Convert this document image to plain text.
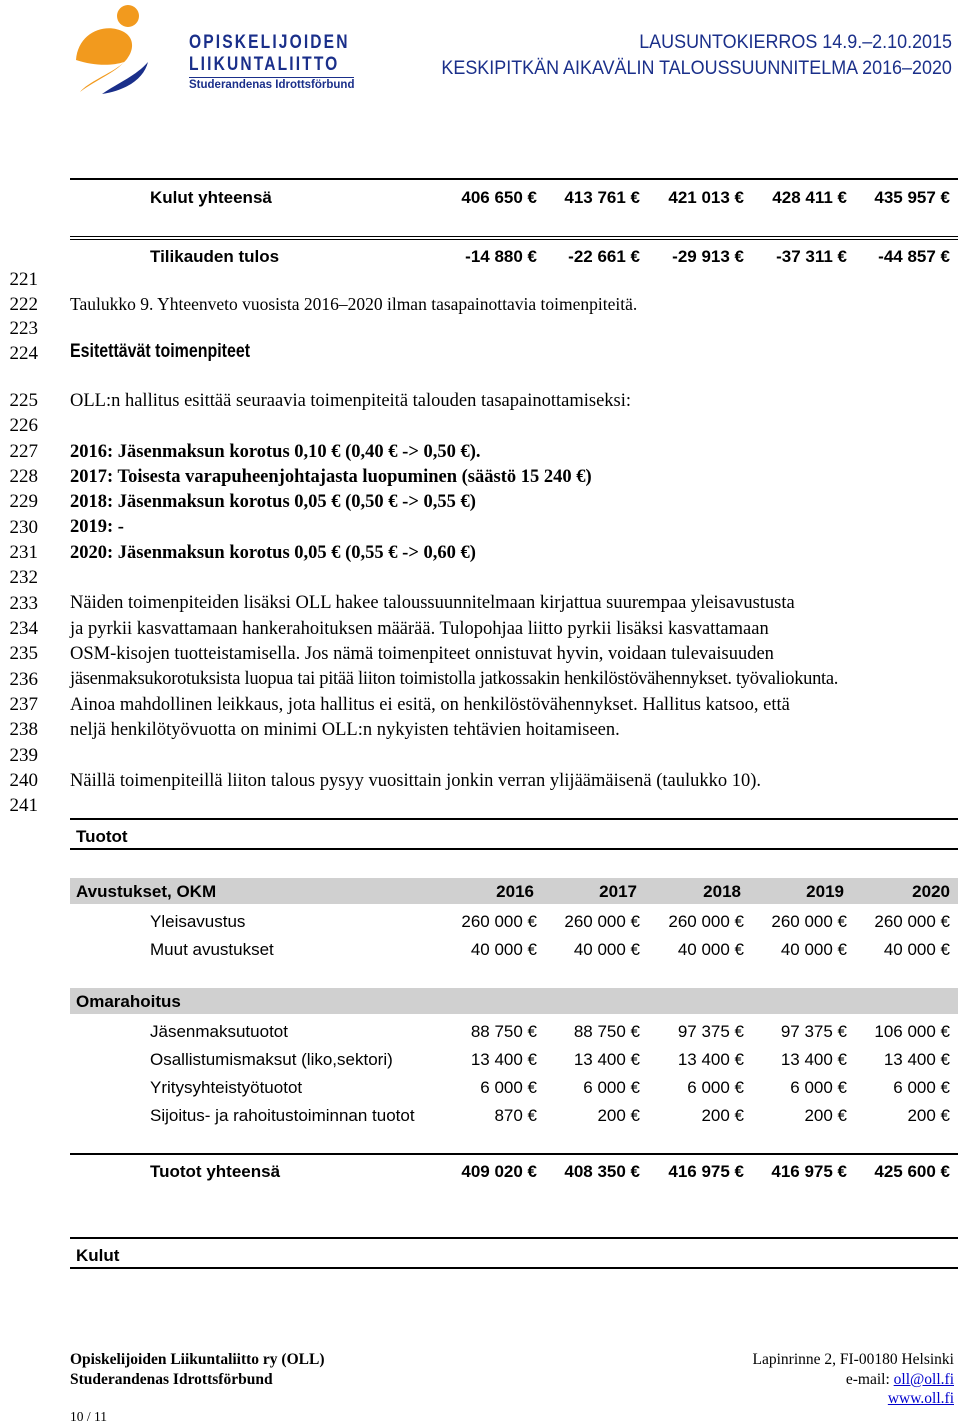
OPISKELIJOIDEN
LIIKUNTALIITTO
Studerandenas Idrottsförbund
LAUSUNTOKIERROS 14.9.–2.10.2015
KESKIPITKÄN AIKAVÄLIN TALOUSSUUNNITELMA 2016–2020
Kulut yhteensä	406 650 € 413 761 € 421 013 € 428 411 € 435 957 €
Tilikauden tulos	-14 880 € -22 661 € -29 913 € -37 311 € -44 857 €
221
222
223
224
225
226
227
228
229
230
231
232
233
234
235
236
237
238
239
240
241
Taulukko 9. Yhteenveto vuosista 2016–2020 ilman tasapainottavia toimenpiteitä.
Esitettävät toimenpiteet
OLL:n hallitus esittää seuraavia toimenpiteitä talouden tasapainottamiseksi:
2016: Jäsenmaksun korotus 0,10 € (0,40 € -> 0,50 €).
2017: Toisesta varapuheenjohtajasta luopuminen (säästö 15 240 €)
2018: Jäsenmaksun korotus 0,05 € (0,50 € -> 0,55 €)
2019: -
2020: Jäsenmaksun korotus 0,05 € (0,55 € -> 0,60 €)
Näiden toimenpiteiden lisäksi OLL hakee taloussuunnitelmaan kirjattua suurempaa yleisavustusta
ja pyrkii kasvattamaan hankerahoituksen määrää. Tulopohjaa liitto pyrkii lisäksi kasvattamaan
OSM-kisojen tuotteistamisella. Jos nämä toimenpiteet onnistuvat hyvin, voidaan tulevaisuuden
jäsenmaksukorotuksista luopua tai pitää liiton toimistolla jatkossakin henkilöstövähennykset. työvaliokunta.
Ainoa mahdollinen leikkaus, jota hallitus ei esitä, on henkilöstövähennykset. Hallitus katsoo, että
neljä henkilötyövuotta on minimi OLL:n nykyisten tehtävien hoitamiseen.
Näillä toimenpiteillä liiton talous pysyy vuosittain jonkin verran ylijäämäisenä (taulukko 10).
Tuotot
Avustukset, OKM	2016	2017	2018	2019	2020
Yleisavustus	260 000 € 260 000 € 260 000 € 260 000 € 260 000 €
Muut avustukset	40 000 € 40 000 € 40 000 € 40 000 € 40 000 €
Omarahoitus
Jäsenmaksutuotot	88 750 € 88 750 € 97 375 € 97 375 € 106 000 €
Osallistumismaksut (liko,sektori)	13 400 € 13 400 € 13 400 € 13 400 € 13 400 €
Yritysyhteistyötuotot	6 000 €	6 000 €	6 000 €	6 000 €	6 000 €
Sijoitus- ja rahoitustoiminnan tuotot	870 €	200 €	200 €	200 €	200 €
Tuotot yhteensä	409 020 € 408 350 € 416 975 € 416 975 € 425 600 €
Kulut
Opiskelijoiden Liikuntaliitto ry (OLL)
Studerandenas Idrottsförbund
10 / 11
Lapinrinne 2, FI-00180 Helsinki
e-mail: oll@oll.fi
www.oll.fi
